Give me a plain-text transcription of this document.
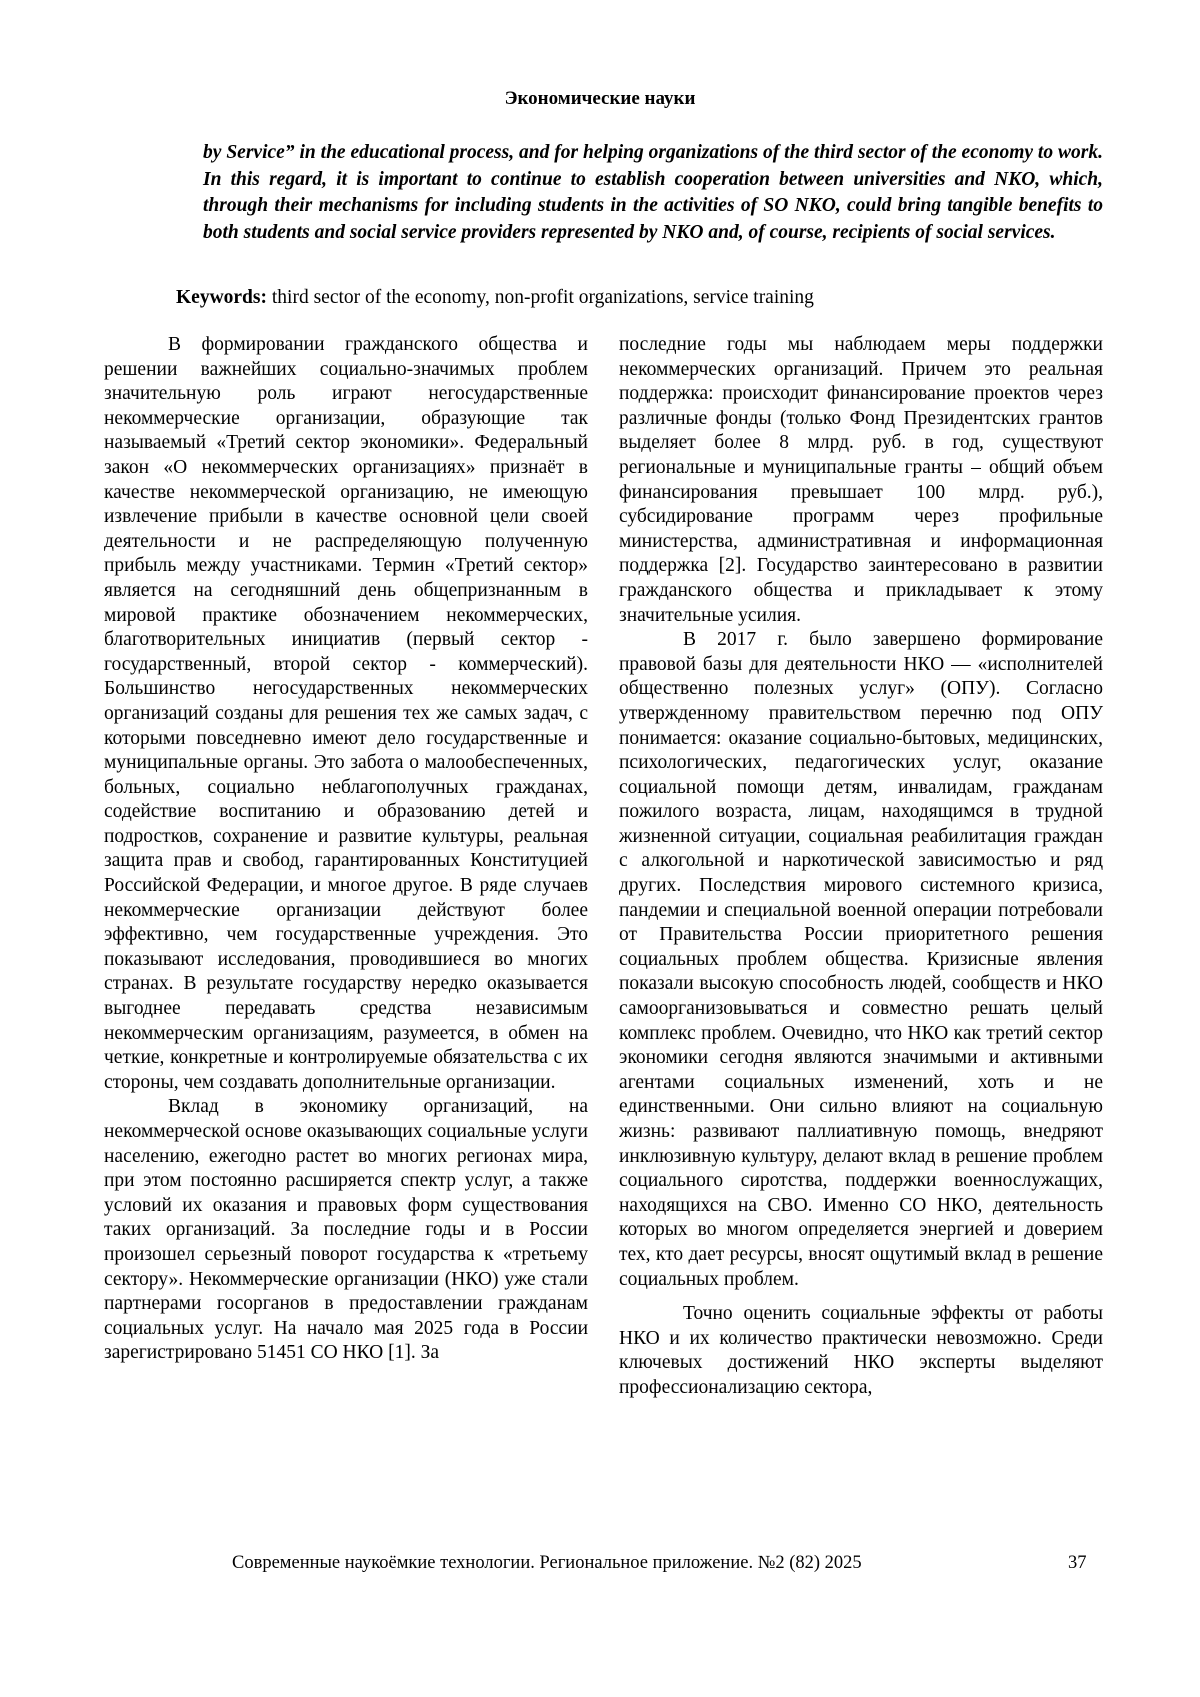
Экономические науки
by Service” in the educational process, and for helping organizations of the third sector of the economy to work. In this regard, it is important to continue to establish cooperation between universities and NKO, which, through their mechanisms for including students in the activities of SO NKO, could bring tangible benefits to both students and social service providers represented by NKO and, of course, recipients of social services.
Keywords: third sector of the economy, non-profit organizations, service training

В формировании гражданского общества и решении важнейших социально-значимых проблем значительную роль играют негосударственные некоммерческие организации, образующие так называемый «Третий сектор экономики». Федеральный закон «О некоммерческих организациях» признаёт в качестве некоммерческой организацию, не имеющую извлечение прибыли в качестве основной цели своей деятельности и не распределяющую полученную прибыль между участниками. Термин «Третий сектор» является на сегодняшний день общепризнанным в мировой практике обозначением некоммерческих, благотворительных инициатив (первый сектор - государственный, второй сектор - коммерческий). Большинство негосударственных некоммерческих организаций созданы для решения тех же самых задач, с которыми повседневно имеют дело государственные и муниципальные органы. Это забота о малообеспеченных, больных, социально неблагополучных гражданах, содействие воспитанию и образованию детей и подростков, сохранение и развитие культуры, реальная защита прав и свобод, гарантированных Конституцией Российской Федерации, и многое другое. В ряде случаев некоммерческие организации действуют более эффективно, чем государственные учреждения. Это показывают исследования, проводившиеся во многих странах. В результате государству нередко оказывается выгоднее передавать средства независимым некоммерческим организациям, разумеется, в обмен на четкие, конкретные и контролируемые обязательства с их стороны, чем создавать дополнительные организации.

Вклад в экономику организаций, на некоммерческой основе оказывающих социальные услуги населению, ежегодно растет во многих регионах мира, при этом постоянно расширяется спектр услуг, а также условий их оказания и правовых форм существования таких организаций. За последние годы и в России произошел серьезный поворот государства к «третьему сектору». Некоммерческие организации (НКО) уже стали партнерами госорганов в предоставлении гражданам социальных услуг. На начало мая 2025 года в России зарегистрировано 51451 СО НКО [1]. За

последние годы мы наблюдаем меры поддержки некоммерческих организаций. Причем это реальная поддержка: происходит финансирование проектов через различные фонды (только Фонд Президентских грантов выделяет более 8 млрд. руб. в год, существуют региональные и муниципальные гранты – общий объем финансирования превышает 100 млрд. руб.), субсидирование программ через профильные министерства, административная и информационная поддержка [2]. Государство заинтересовано в развитии гражданского общества и прикладывает к этому значительные усилия.

В 2017 г. было завершено формирование правовой базы для деятельности НКО — «исполнителей общественно полезных услуг» (ОПУ). Согласно утвержденному правительством перечню под ОПУ понимается: оказание социально-бытовых, медицинских, психологических, педагогических услуг, оказание социальной помощи детям, инвалидам, гражданам пожилого возраста, лицам, находящимся в трудной жизненной ситуации, социальная реабилитация граждан с алкогольной и наркотической зависимостью и ряд других. Последствия мирового системного кризиса, пандемии и специальной военной операции потребовали от Правительства России приоритетного решения социальных проблем общества. Кризисные явления показали высокую способность людей, сообществ и НКО самоорганизовываться и совместно решать целый комплекс проблем. Очевидно, что НКО как третий сектор экономики сегодня являются значимыми и активными агентами социальных изменений, хоть и не единственными. Они сильно влияют на социальную жизнь: развивают паллиативную помощь, внедряют инклюзивную культуру, делают вклад в решение проблем социального сиротства, поддержки военнослужащих, находящихся на СВО. Именно СО НКО, деятельность которых во многом определяется энергией и доверием тех, кто дает ресурсы, вносят ощутимый вклад в решение социальных проблем.

Точно оценить социальные эффекты от работы НКО и их количество практически невозможно. Среди ключевых достижений НКО эксперты выделяют профессионализацию сектора,

Современные наукоёмкие технологии. Региональное приложение. №2 (82) 2025	37
